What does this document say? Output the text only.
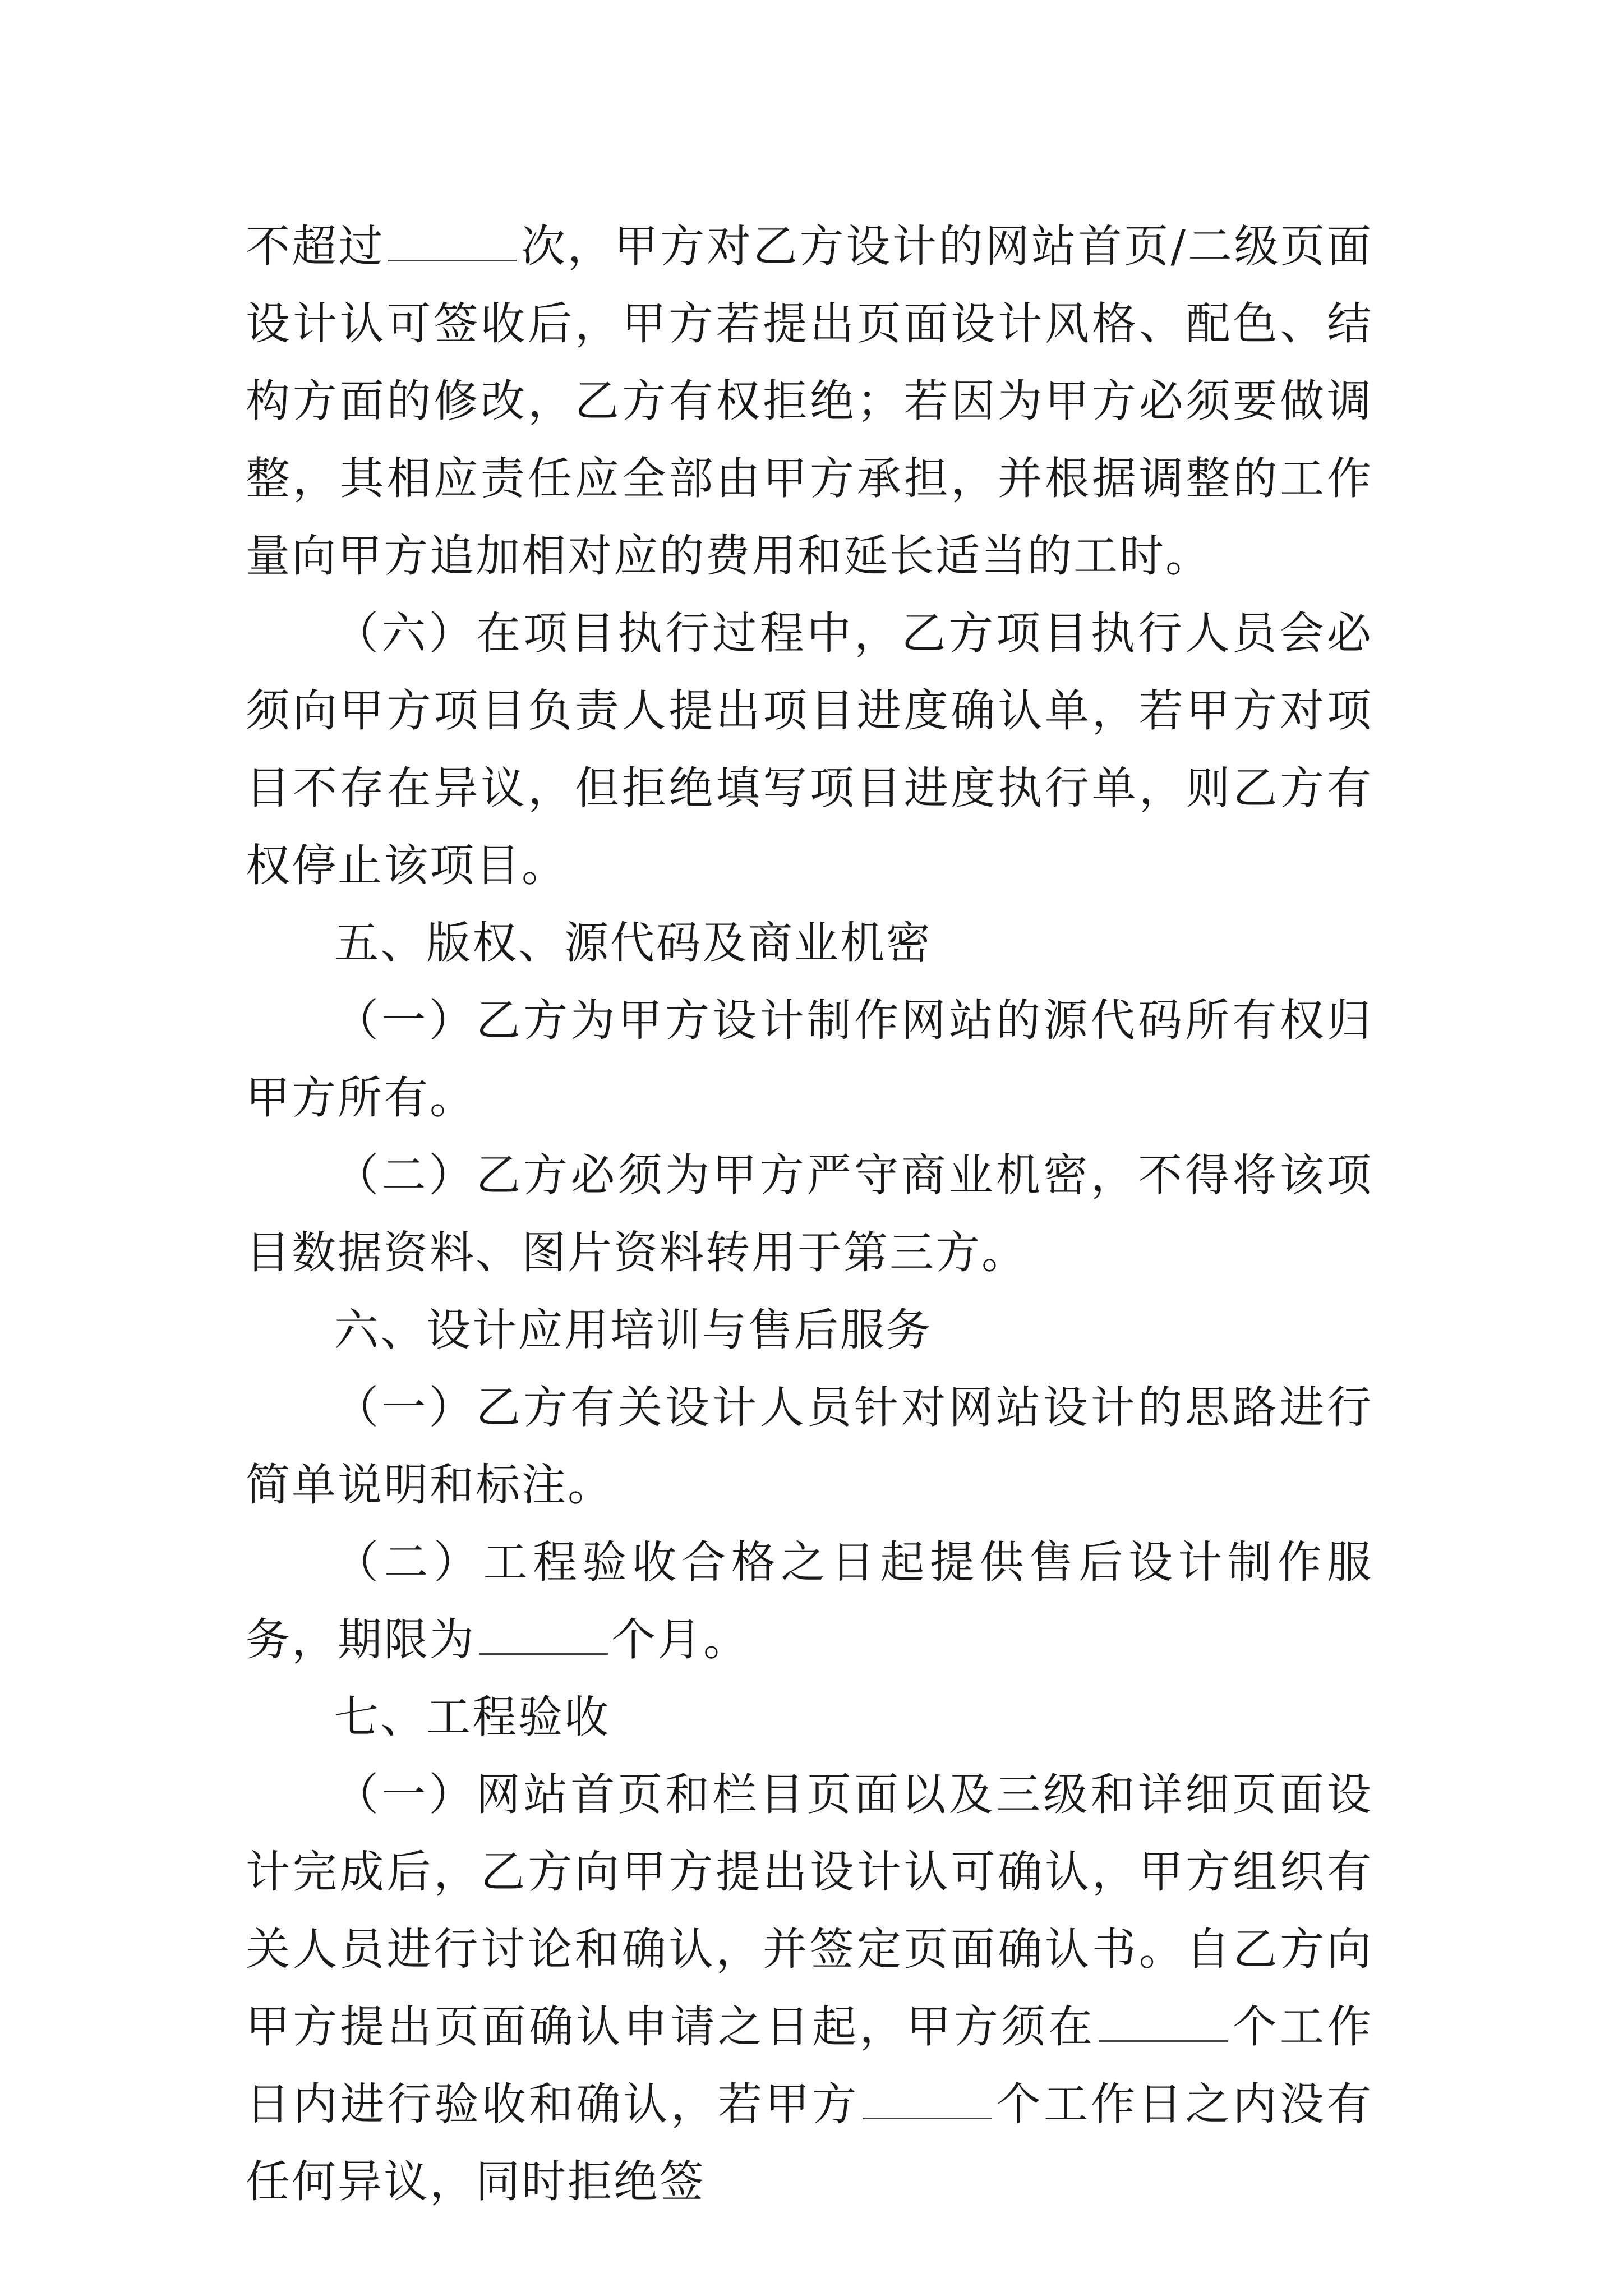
不超过	次，甲方对乙方设计的网站首页/二级页面设计认可签收后，甲方若提出页面设计风格、配色、结构方面的修改，乙方有权拒绝；若因为甲方必须要做调整，其相应责任应全部由甲方承担，并根据调整的工作量向甲方追加相对应的费用和延长适当的工时。

（六）在项目执行过程中，乙方项目执行人员会必须向甲方项目负责人提出项目进度确认单，若甲方对项目不存在异议，但拒绝填写项目进度执行单，则乙方有权停止该项目。

五、版权、源代码及商业机密

（一）乙方为甲方设计制作网站的源代码所有权归甲方所有。

（二）乙方必须为甲方严守商业机密，不得将该项目数据资料、图片资料转用于第三方。

六、设计应用培训与售后服务

（一）乙方有关设计人员针对网站设计的思路进行简单说明和标注。

（二）工程验收合格之日起提供售后设计制作服务，期限为	个月。

七、工程验收

（一）网站首页和栏目页面以及三级和详细页面设计完成后，乙方向甲方提出设计认可确认，甲方组织有关人员进行讨论和确认，并签定页面确认书。自乙方向甲方提出页面确认申请之日起，甲方须在	个工作日内进行验收和确认，若甲方	个工作日之内没有任何异议，同时拒绝签
